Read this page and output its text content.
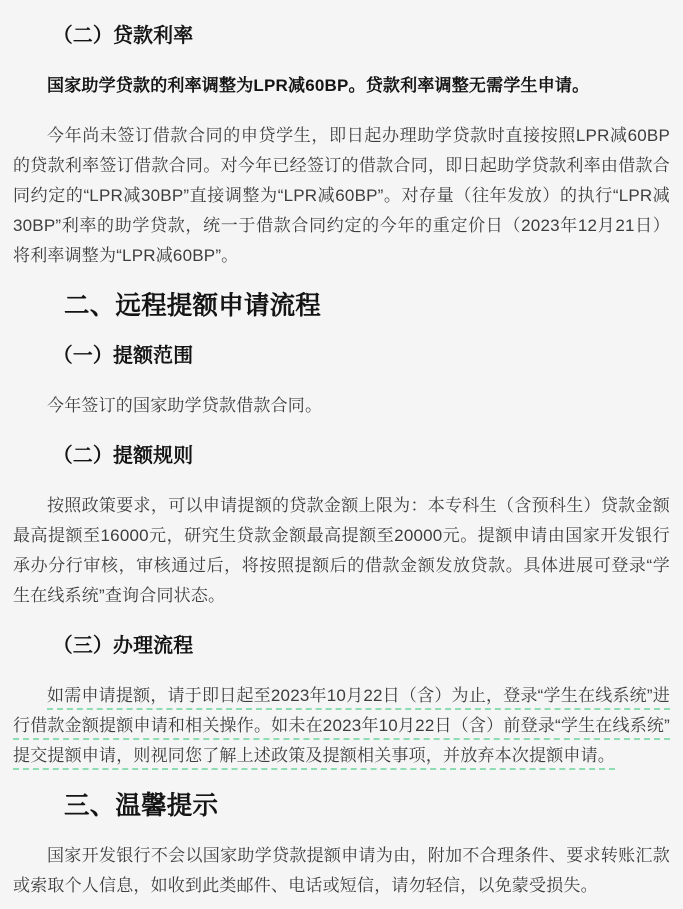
（二）贷款利率

国家助学贷款的利率调整为LPR减60BP。贷款利率调整无需学生申请。

今年尚未签订借款合同的申贷学生，即日起办理助学贷款时直接按照LPR减60BP的贷款利率签订借款合同。对今年已经签订的借款合同，即日起助学贷款利率由借款合同约定的“LPR减30BP”直接调整为“LPR减60BP”。对存量（往年发放）的执行“LPR减30BP”利率的助学贷款，统一于借款合同约定的今年的重定价日（2023年12月21日）将利率调整为“LPR减60BP”。

二、远程提额申请流程
（一）提额范围

今年签订的国家助学贷款借款合同。

（二）提额规则

按照政策要求，可以申请提额的贷款金额上限为：本专科生（含预科生）贷款金额最高提额至16000元，研究生贷款金额最高提额至20000元。提额申请由国家开发银行承办分行审核，审核通过后，将按照提额后的借款金额发放贷款。具体进展可登录“学生在线系统”查询合同状态。

（三）办理流程

如需申请提额，请于即日起至2023年10月22日（含）为止，登录“学生在线系统”进行借款金额提额申请和相关操作。如未在2023年10月22日（含）前登录“学生在线系统”提交提额申请，则视同您了解上述政策及提额相关事项，并放弃本次提额申请。

三、温馨提示

国家开发银行不会以国家助学贷款提额申请为由，附加不合理条件、要求转账汇款或索取个人信息，如收到此类邮件、电话或短信，请勿轻信，以免蒙受损失。
